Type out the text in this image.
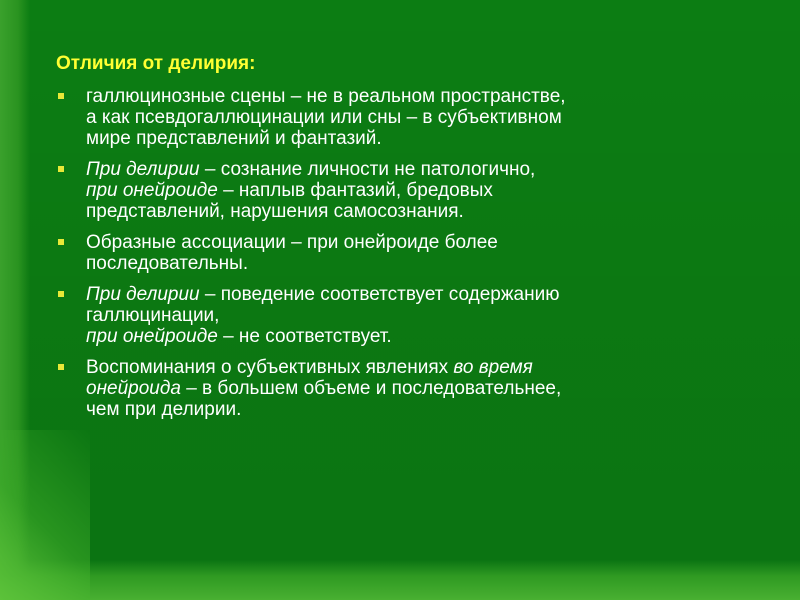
Отличия от делирия:
галлюцинозные сцены – не в реальном пространстве,
а как псевдогаллюцинации или сны – в субъективном
мире представлений и фантазий.
При делирии – сознание личности не патологично,
при онейроиде – наплыв фантазий, бредовых
представлений, нарушения самосознания.
Образные ассоциации – при онейроиде более
последовательны.
При делирии – поведение соответствует содержанию
галлюцинации,
при онейроиде – не соответствует.
Воспоминания о субъективных явлениях во время
онейроида – в большем объеме и последовательнее,
чем при делирии.
